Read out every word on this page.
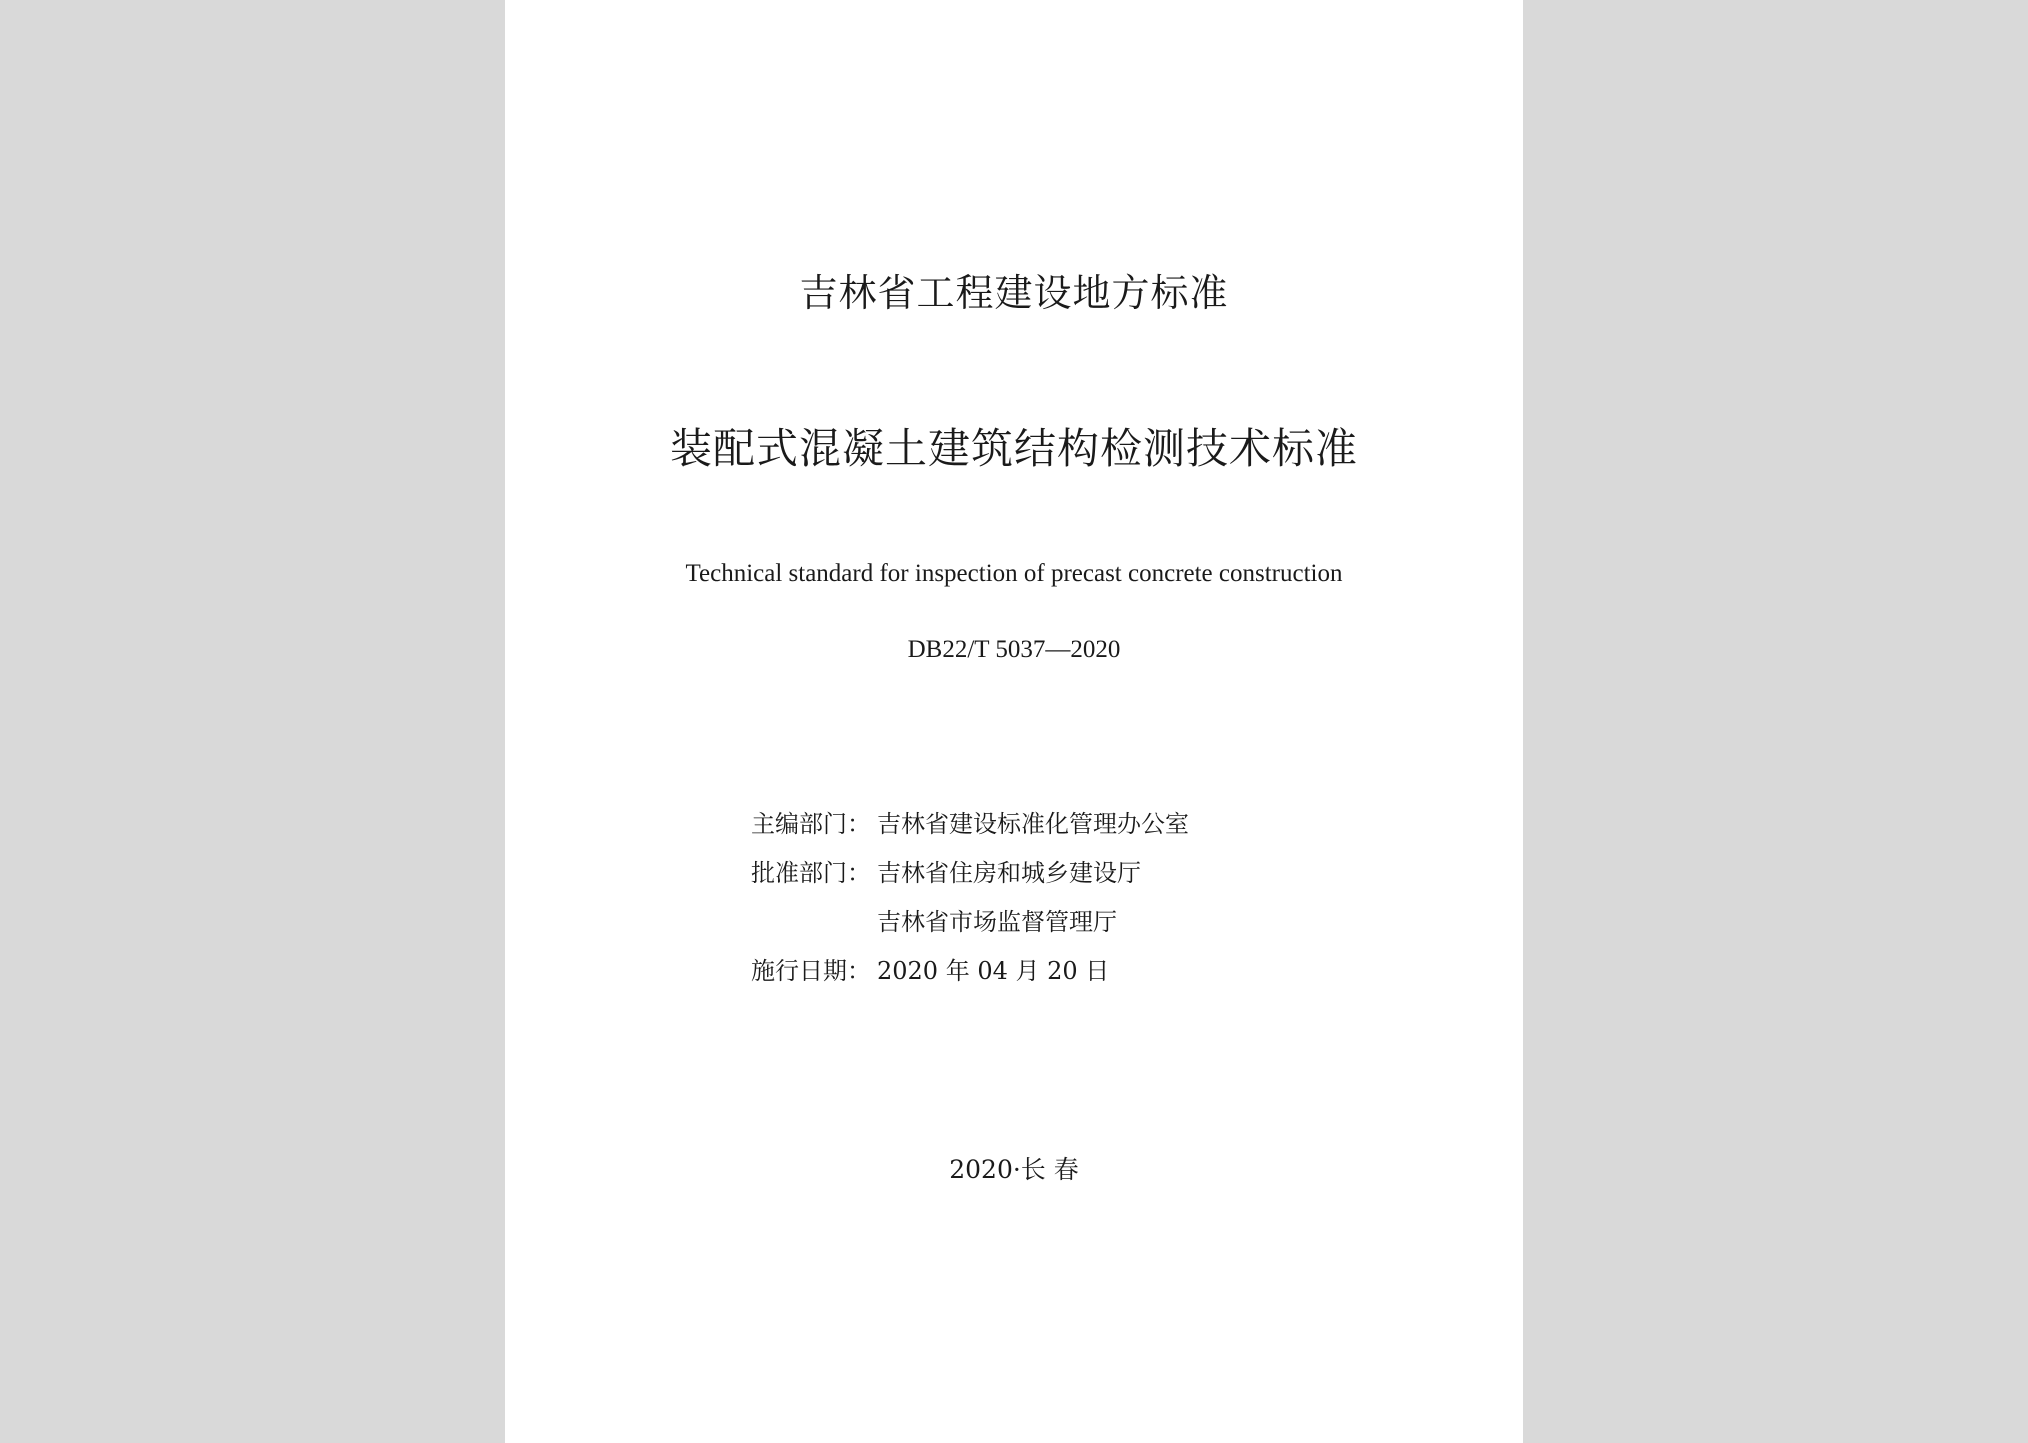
吉林省工程建设地方标准
装配式混凝土建筑结构检测技术标准
Technical standard for inspection of precast concrete construction
DB22/T 5037—2020
主编部门： 吉林省建设标准化管理办公室
批准部门： 吉林省住房和城乡建设厅
吉林省市场监督管理厅
施行日期： 2020 年 04 月 20 日
2020·长 春
